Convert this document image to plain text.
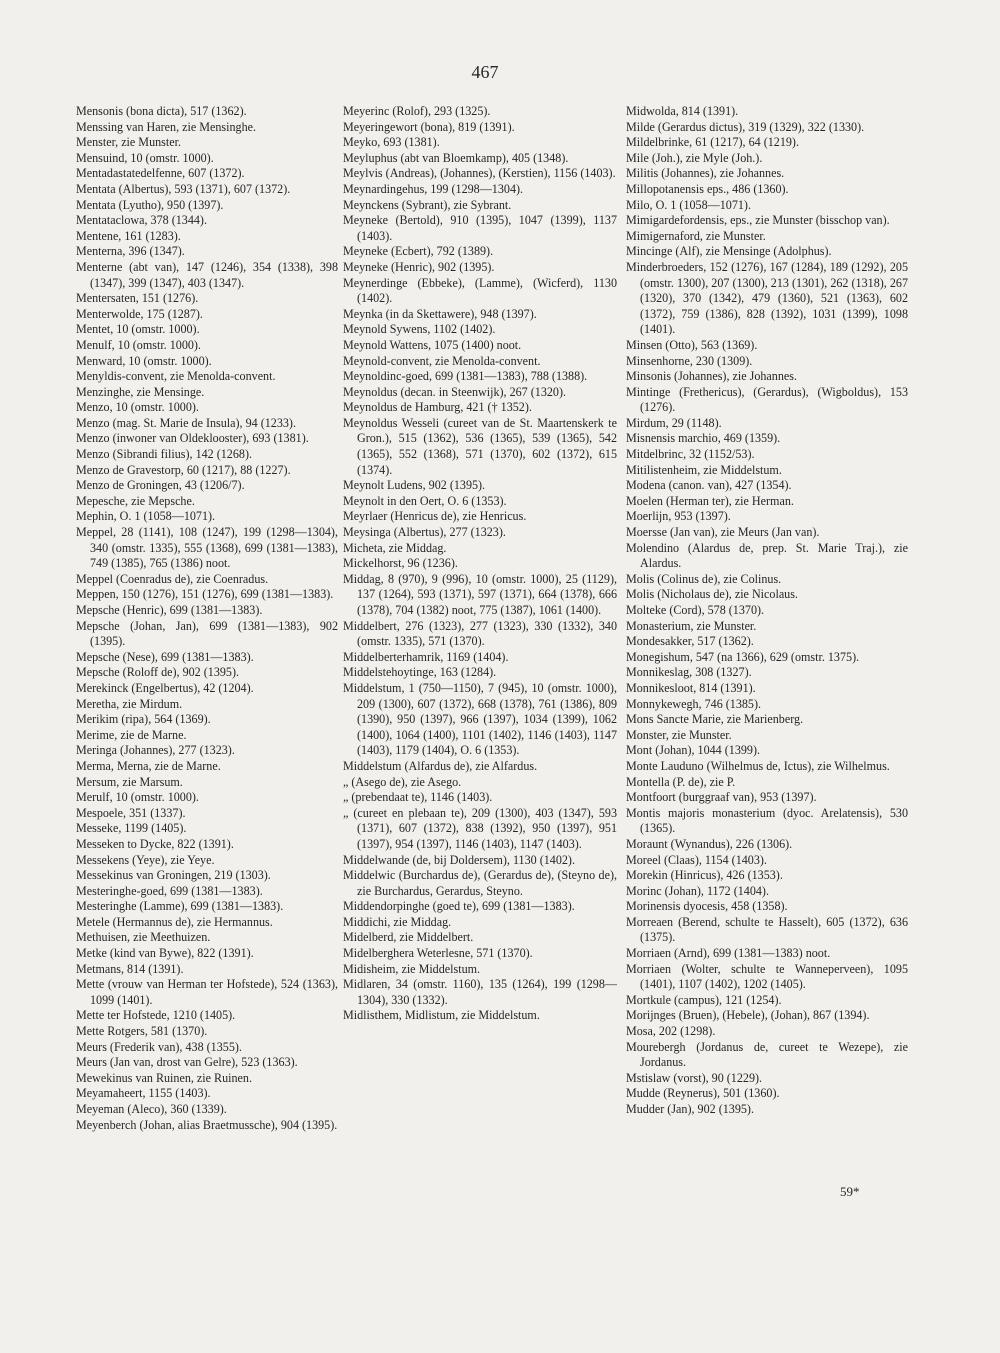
467
Mensonis (bona dicta), 517 (1362).
Menssing van Haren, zie Mensinghe.
Menster, zie Munster.
Mensuind, 10 (omstr. 1000).
Mentadastatedelfenne, 607 (1372).
Mentata (Albertus), 593 (1371), 607 (1372).
Mentata (Lyutho), 950 (1397).
Mentataclowa, 378 (1344).
Mentene, 161 (1283).
Menterna, 396 (1347).
Menterne (abt van), 147 (1246), 354 (1338), 398 (1347), 399 (1347), 403 (1347).
Mentersaten, 151 (1276).
Menterwolde, 175 (1287).
Mentet, 10 (omstr. 1000).
Menulf, 10 (omstr. 1000).
Menward, 10 (omstr. 1000).
Menyldis-convent, zie Menolda-convent.
Menzinghe, zie Mensinge.
Menzo, 10 (omstr. 1000).
Menzo (mag. St. Marie de Insula), 94 (1233).
Menzo (inwoner van Oldeklooster), 693 (1381).
Menzo (Sibrandi filius), 142 (1268).
Menzo de Gravestorp, 60 (1217), 88 (1227).
Menzo de Groningen, 43 (1206/7).
Mepesche, zie Mepsche.
Mephin, O. 1 (1058—1071).
Meppel, 28 (1141), 108 (1247), 199 (1298—1304), 340 (omstr. 1335), 555 (1368), 699 (1381—1383), 749 (1385), 765 (1386) noot.
Meppel (Coenradus de), zie Coenradus.
Meppen, 150 (1276), 151 (1276), 699 (1381—1383).
Mepsche (Henric), 699 (1381—1383).
Mepsche (Johan, Jan), 699 (1381—1383), 902 (1395).
Mepsche (Nese), 699 (1381—1383).
Mepsche (Roloff de), 902 (1395).
Merekinck (Engelbertus), 42 (1204).
Meretha, zie Mirdum.
Merikim (ripa), 564 (1369).
Merime, zie de Marne.
Meringa (Johannes), 277 (1323).
Merma, Merna, zie de Marne.
Mersum, zie Marsum.
Merulf, 10 (omstr. 1000).
Mespoele, 351 (1337).
Messeke, 1199 (1405).
Messeken to Dycke, 822 (1391).
Messekens (Yeye), zie Yeye.
Messekinus van Groningen, 219 (1303).
Mesteringhe-goed, 699 (1381—1383).
Mesteringhe (Lamme), 699 (1381—1383).
Metele (Hermannus de), zie Hermannus.
Methuisen, zie Meethuizen.
Metke (kind van Bywe), 822 (1391).
Metmans, 814 (1391).
Mette (vrouw van Herman ter Hofstede), 524 (1363), 1099 (1401).
Mette ter Hofstede, 1210 (1405).
Mette Rotgers, 581 (1370).
Meurs (Frederik van), 438 (1355).
Meurs (Jan van, drost van Gelre), 523 (1363).
Mewekinus van Ruinen, zie Ruinen.
Meyamaheert, 1155 (1403).
Meyeman (Aleco), 360 (1339).
Meyenberch (Johan, alias Braetmussche), 904 (1395).
Meyerinc (Rolof), 293 (1325).
Meyeringewort (bona), 819 (1391).
Meyko, 693 (1381).
Meyluphus (abt van Bloemkamp), 405 (1348).
Meylvis (Andreas), (Johannes), (Kerstien), 1156 (1403).
Meynardingehus, 199 (1298—1304).
Meynckens (Sybrant), zie Sybrant.
Meyneke (Bertold), 910 (1395), 1047 (1399), 1137 (1403).
Meyneke (Ecbert), 792 (1389).
Meyneke (Henric), 902 (1395).
Meynerdinge (Ebbeke), (Lamme), (Wicferd), 1130 (1402).
Meynka (in da Skettawere), 948 (1397).
Meynold Sywens, 1102 (1402).
Meynold Wattens, 1075 (1400) noot.
Meynold-convent, zie Menolda-convent.
Meynoldinc-goed, 699 (1381—1383), 788 (1388).
Meynoldus (decan. in Steenwijk), 267 (1320).
Meynoldus de Hamburg, 421 († 1352).
Meynoldus Wesseli (cureet van de St. Maartenskerk te Gron.), 515 (1362), 536 (1365), 539 (1365), 542 (1365), 552 (1368), 571 (1370), 602 (1372), 615 (1374).
Meynolt Ludens, 902 (1395).
Meynolt in den Oert, O. 6 (1353).
Meyrlaer (Henricus de), zie Henricus.
Meysinga (Albertus), 277 (1323).
Micheta, zie Middag.
Mickelhorst, 96 (1236).
Middag, 8 (970), 9 (996), 10 (omstr. 1000), 25 (1129), 137 (1264), 593 (1371), 597 (1371), 664 (1378), 666 (1378), 704 (1382) noot, 775 (1387), 1061 (1400).
Middelbert, 276 (1323), 277 (1323), 330 (1332), 340 (omstr. 1335), 571 (1370).
Middelberterhamrik, 1169 (1404).
Middelstehoytinge, 163 (1284).
Middelstum, 1 (750—1150), 7 (945), 10 (omstr. 1000), 209 (1300), 607 (1372), 668 (1378), 761 (1386), 809 (1390), 950 (1397), 966 (1397), 1034 (1399), 1062 (1400), 1064 (1400), 1101 (1402), 1146 (1403), 1147 (1403), 1179 (1404), O. 6 (1353).
Middelstum (Alfardus de), zie Alfardus.
„ (Asego de), zie Asego.
„ (prebendaat te), 1146 (1403).
„ (cureet en plebaan te), 209 (1300), 403 (1347), 593 (1371), 607 (1372), 838 (1392), 950 (1397), 951 (1397), 954 (1397), 1146 (1403), 1147 (1403).
Middelwande (de, bij Doldersem), 1130 (1402).
Middelwic (Burchardus de), (Gerardus de), (Steyno de), zie Burchardus, Gerardus, Steyno.
Middendorpinghe (goed te), 699 (1381—1383).
Middichi, zie Middag.
Midelberd, zie Middelbert.
Midelberghera Weterlesne, 571 (1370).
Midisheim, zie Middelstum.
Midlaren, 34 (omstr. 1160), 135 (1264), 199 (1298—1304), 330 (1332).
Midlisthem, Midlistum, zie Middelstum.
Midwolda, 814 (1391).
Milde (Gerardus dictus), 319 (1329), 322 (1330).
Mildelbrinke, 61 (1217), 64 (1219).
Mile (Joh.), zie Myle (Joh.).
Militis (Johannes), zie Johannes.
Millopotanensis eps., 486 (1360).
Milo, O. 1 (1058—1071).
Mimigardefordensis, eps., zie Munster (bisschop van).
Mimigernaford, zie Munster.
Mincinge (Alf), zie Mensinge (Adolphus).
Minderbroeders, 152 (1276), 167 (1284), 189 (1292), 205 (omstr. 1300), 207 (1300), 213 (1301), 262 (1318), 267 (1320), 370 (1342), 479 (1360), 521 (1363), 602 (1372), 759 (1386), 828 (1392), 1031 (1399), 1098 (1401).
Minsen (Otto), 563 (1369).
Minsenhorne, 230 (1309).
Minsonis (Johannes), zie Johannes.
Mintinge (Frethericus), (Gerardus), (Wigboldus), 153 (1276).
Mirdum, 29 (1148).
Misnensis marchio, 469 (1359).
Mitdelbrinc, 32 (1152/53).
Mitilistenheim, zie Middelstum.
Modena (canon. van), 427 (1354).
Moelen (Herman ter), zie Herman.
Moerlijn, 953 (1397).
Moersse (Jan van), zie Meurs (Jan van).
Molendino (Alardus de, prep. St. Marie Traj.), zie Alardus.
Molis (Colinus de), zie Colinus.
Molis (Nicholaus de), zie Nicolaus.
Molteke (Cord), 578 (1370).
Monasterium, zie Munster.
Mondesakker, 517 (1362).
Monegishum, 547 (na 1366), 629 (omstr. 1375).
Monnikeslag, 308 (1327).
Monnikesloot, 814 (1391).
Monnykewegh, 746 (1385).
Mons Sancte Marie, zie Marienberg.
Monster, zie Munster.
Mont (Johan), 1044 (1399).
Monte Lauduno (Wilhelmus de, Ictus), zie Wilhelmus.
Montella (P. de), zie P.
Montfoort (burggraaf van), 953 (1397).
Montis majoris monasterium (dyoc. Arelatensis), 530 (1365).
Moraunt (Wynandus), 226 (1306).
Moreel (Claas), 1154 (1403).
Morekin (Hinricus), 426 (1353).
Morinc (Johan), 1172 (1404).
Morinensis dyocesis, 458 (1358).
Morreaen (Berend, schulte te Hasselt), 605 (1372), 636 (1375).
Morriaen (Arnd), 699 (1381—1383) noot.
Morriaen (Wolter, schulte te Wanneperveen), 1095 (1401), 1107 (1402), 1202 (1405).
Mortkule (campus), 121 (1254).
Morijnges (Bruen), (Hebele), (Johan), 867 (1394).
Mosa, 202 (1298).
Mourebergh (Jordanus de, cureet te Wezepe), zie Jordanus.
Mstislaw (vorst), 90 (1229).
Mudde (Reynerus), 501 (1360).
Mudder (Jan), 902 (1395).
59*
